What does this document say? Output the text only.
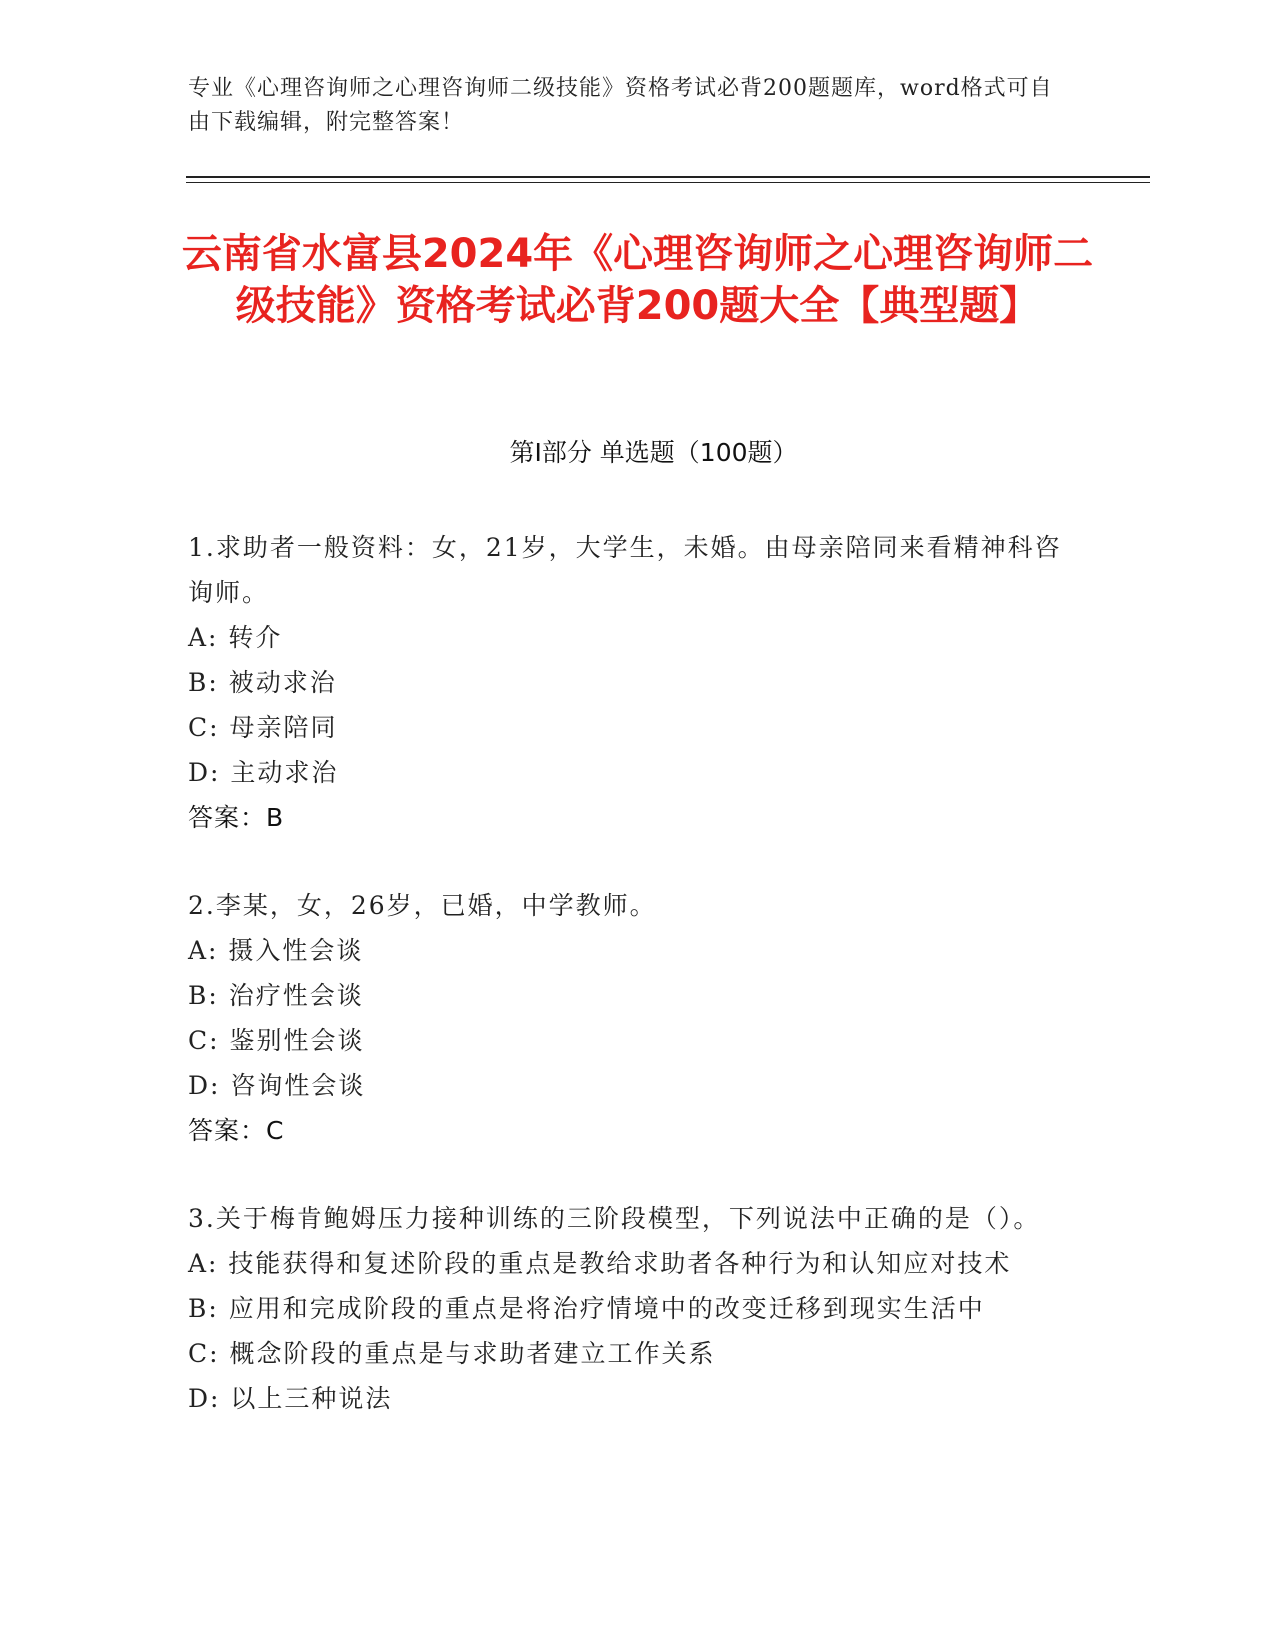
专业《心理咨询师之心理咨询师二级技能》资格考试必背200题题库，word格式可自由下载编辑，附完整答案！
云南省水富县2024年《心理咨询师之心理咨询师二级技能》资格考试必背200题大全【典型题】
第Ⅰ部分 单选题（100题）
1.求助者一般资料：女，21岁，大学生，未婚。由母亲陪同来看精神科咨询师。
A: 转介
B: 被动求治
C: 母亲陪同
D: 主动求治
答案：B
2.李某，女，26岁，已婚，中学教师。
A: 摄入性会谈
B: 治疗性会谈
C: 鉴别性会谈
D: 咨询性会谈
答案：C
3.关于梅肯鲍姆压力接种训练的三阶段模型，下列说法中正确的是（）。
A: 技能获得和复述阶段的重点是教给求助者各种行为和认知应对技术
B: 应用和完成阶段的重点是将治疗情境中的改变迁移到现实生活中
C: 概念阶段的重点是与求助者建立工作关系
D: 以上三种说法
